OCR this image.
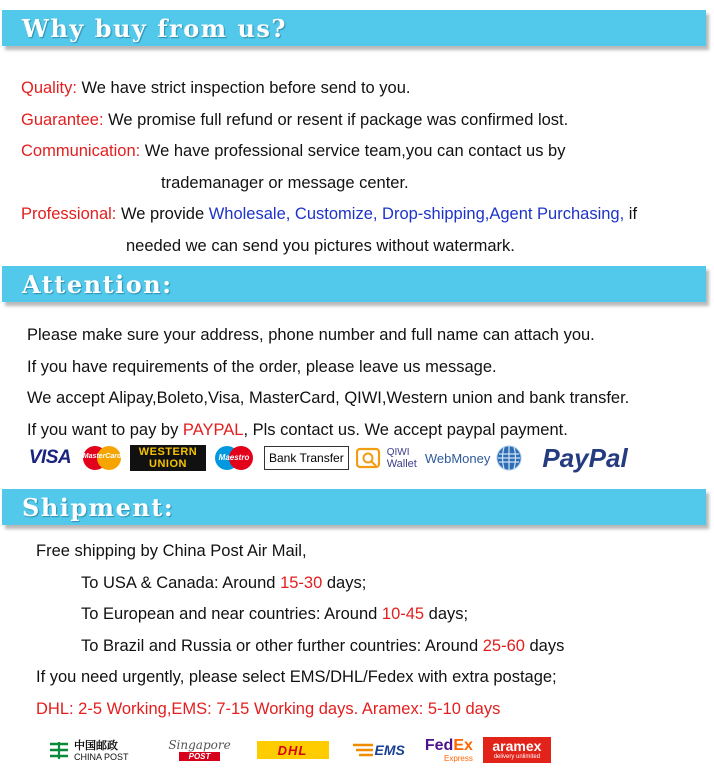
Why buy from us?
Quality: We have strict inspection before send to you.
Guarantee: We promise full refund or resent if package was confirmed lost.
Communication: We have professional service team,you can contact us by
trademanager or message center.
Professional: We provide Wholesale, Customize, Drop-shipping,Agent Purchasing, if
needed we can send you pictures without watermark.
Attention:
Please make sure your address, phone number and full name can attach you.
If you have requirements of the order, please leave us message.
We accept Alipay,Boleto,Visa, MasterCard, QIWI,Western union and bank transfer.
If you want to pay by PAYPAL, Pls contact us. We accept paypal payment.
VISA	MasterCard WESTERN
UNION
Maestro	Bank Transfer	QIWI
Wallet WebMoney PayPal
Shipment:
Free shipping by China Post Air Mail,
To USA & Canada: Around 15-30 days;
To European and near countries: Around 10-45 days;
To Brazil and Russia or other further countries: Around 25-60 days
If you need urgently, please select EMS/DHL/Fedex with extra postage;
DHL: 2-5 Working,EMS: 7-15 Working days. Aramex: 5-10 days
中国邮政
CHINA POST
Singapore
POST	DHL	EMS FedEx
Express
aramex
delivery unlimited
